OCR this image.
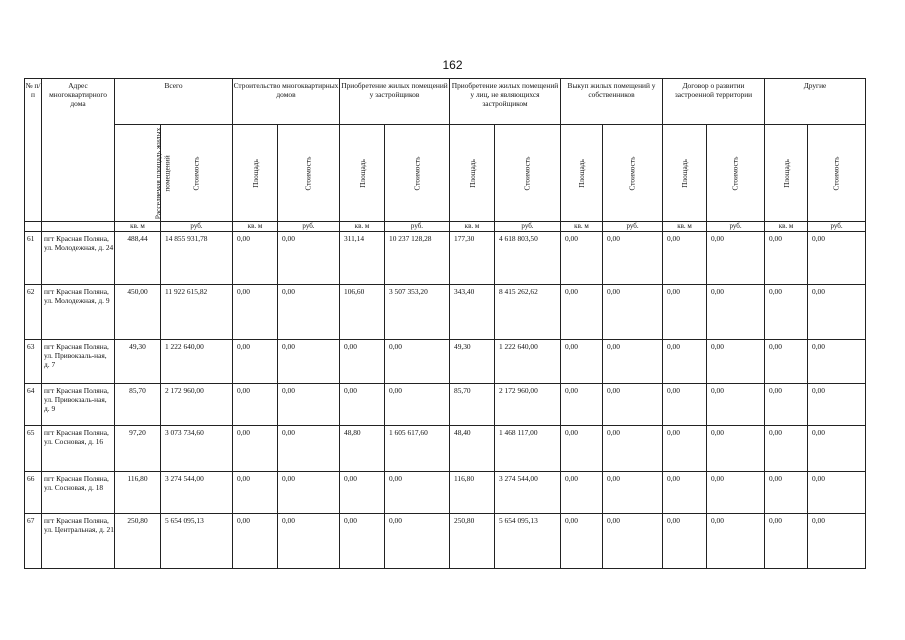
162
№ п/п	Адрес многоквартирного дома	Всего		Строительство многоквартирных домов		Приобретение жилых помещений у застройщиков		Приобретение жилых помещений у лиц, не являющихся застройщиком		Выкуп жилых помещений у собственников		Договор о развитии застроенной территории		Другие	
		Расселяемая площадь жилых помещений	Стоимость	Площадь	Стоимость	Площадь	Стоимость	Площадь	Стоимость	Площадь	Стоимость	Площадь	Стоимость	Площадь	Стоимость
		кв. м	руб.	кв. м	руб.	кв. м	руб.	кв. м	руб.	кв. м	руб.	кв. м	руб.	кв. м	руб.
61	пгт Красная Поляна, ул. Молодежная, д. 24	488,44	14 855 931,78	0,00	0,00	311,14	10 237 128,28	177,30	4 618 803,50	0,00	0,00	0,00	0,00	0,00	0,00
62	пгт Красная Поляна, ул. Молодежная, д. 9	450,00	11 922 615,82	0,00	0,00	106,60	3 507 353,20	343,40	8 415 262,62	0,00	0,00	0,00	0,00	0,00	0,00
63	пгт Красная Поляна, ул. Привокзаль-ная, д. 7	49,30	1 222 640,00	0,00	0,00	0,00	0,00	49,30	1 222 640,00	0,00	0,00	0,00	0,00	0,00	0,00
64	пгт Красная Поляна, ул. Привокзаль-ная, д. 9	85,70	2 172 960,00	0,00	0,00	0,00	0,00	85,70	2 172 960,00	0,00	0,00	0,00	0,00	0,00	0,00
65	пгт Красная Поляна, ул. Сосновая, д. 16	97,20	3 073 734,60	0,00	0,00	48,80	1 605 617,60	48,40	1 468 117,00	0,00	0,00	0,00	0,00	0,00	0,00
66	пгт Красная Поляна, ул. Сосновая, д. 18	116,80	3 274 544,00	0,00	0,00	0,00	0,00	116,80	3 274 544,00	0,00	0,00	0,00	0,00	0,00	0,00
67	пгт Красная Поляна, ул. Центральная, д. 21	250,80	5 654 095,13	0,00	0,00	0,00	0,00	250,80	5 654 095,13	0,00	0,00	0,00	0,00	0,00	0,00
